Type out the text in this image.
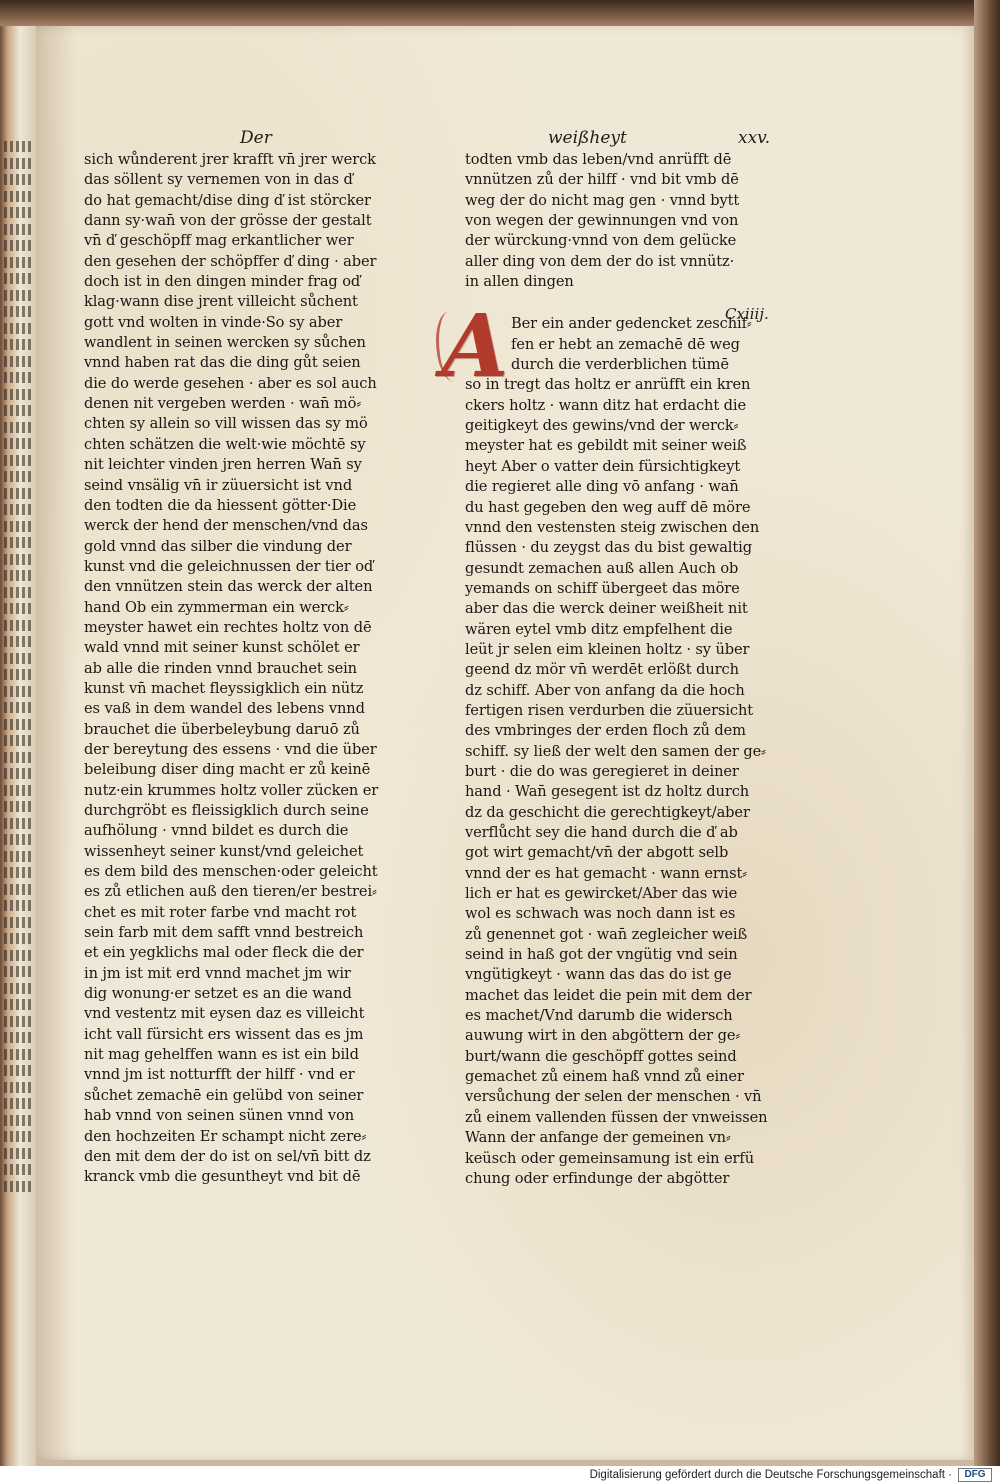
Der	weißheyt	xxv.
sich wůnderent jrer krafft vn̄ jrer werck
das söllent sy vernemen von in das ď
do hat gemacht/dise ding ď ist störcker
dann sy·wan̄ von der grösse der gestalt
vn̄ ď geschöpff mag erkantlicher wer
den gesehen der schöpffer ď ding · aber
doch ist in den dingen minder frag oď
klag·wann dise jrent villeicht sůchent
gott vnd wolten in vinde·So sy aber
wandlent in seinen wercken sy sůchen
vnnd haben rat das die ding gůt seien
die do werde gesehen · aber es sol auch
denen nit vergeben werden · wan̄ mö⸗
chten sy allein so vill wissen das sy mö
chten schätzen die welt·wie möchtē sy
nit leichter vinden jren herren Wan̄ sy
seind vnsälig vn̄ ir züuersicht ist vnd
den todten die da hiessent götter·Die
werck der hend der menschen/vnd das
gold vnnd das silber die vindung der
kunst vnd die geleichnussen der tier oď
den vnnützen stein das werck der alten
hand Ob ein zymmerman ein werck⸗
meyster hawet ein rechtes holtz von dē
wald vnnd mit seiner kunst schölet er
ab alle die rinden vnnd brauchet sein
kunst vn̄ machet fleyssigklich ein nütz
es vaß in dem wandel des lebens vnnd
brauchet die überbeleybung daruō zů
der bereytung des essens · vnd die über
beleibung diser ding macht er zů keinē
nutz·ein krummes holtz voller zücken er
durchgröbt es fleissigklich durch seine
aufhölung · vnnd bildet es durch die
wissenheyt seiner kunst/vnd geleichet
es dem bild des menschen·oder geleicht
es zů etlichen auß den tieren/er bestrei⸗
chet es mit roter farbe vnd macht rot
sein farb mit dem safft vnnd bestreich
et ein yegklichs mal oder fleck die der
in jm ist mit erd vnnd machet jm wir
dig wonung·er setzet es an die wand
vnd vestentz mit eysen daz es villeicht
icht vall fürsicht ers wissent das es jm
nit mag gehelffen wann es ist ein bild
vnnd jm ist notturfft der hilff · vnd er
sůchet zemachē ein gelübd von seiner
hab vnnd von seinen sünen vnnd von
den hochzeiten Er schampt nicht zere⸗
den mit dem der do ist on sel/vn̄ bitt dz
kranck vmb die gesuntheyt vnd bit dē
todten vmb das leben/vnd anrüfft dē
vnnützen zů der hilff · vnd bit vmb dē
weg der do nicht mag gen · vnnd bytt
von wegen der gewinnungen vnd von
der würckung·vnnd von dem gelücke
aller ding von dem der do ist vnnütz·
in allen dingen
Ber ein ander gedencket zeschif⸗
fen er hebt an zemachē dē weg
durch die verderblichen tümē
so in tregt das holtz er anrüfft ein kren
ckers holtz · wann ditz hat erdacht die
geitigkeyt des gewins/vnd der werck⸗
meyster hat es gebildt mit seiner weiß
heyt Aber o vatter dein fürsichtigkeyt
die regieret alle ding vō anfang · wan̄
du hast gegeben den weg auff dē möre
vnnd den vestensten steig zwischen den
flüssen · du zeygst das du bist gewaltig
gesundt zemachen auß allen Auch ob
yemands on schiff übergeet das möre
aber das die werck deiner weißheit nit
wären eytel vmb ditz empfelhent die
leüt jr selen eim kleinen holtz · sy über
geend dz mör vn̄ werdēt erlößt durch
dz schiff. Aber von anfang da die hoch
fertigen risen verdurben die züuersicht
des vmbringes der erden floch zů dem
schiff. sy ließ der welt den samen der ge⸗
burt · die do was geregieret in deiner
hand · Wan̄ gesegent ist dz holtz durch
dz da geschicht die gerechtigkeyt/aber
verflůcht sey die hand durch die ď ab
got wirt gemacht/vn̄ der abgott selb
vnnd der es hat gemacht · wann ernst⸗
lich er hat es gewircket/Aber das wie
wol es schwach was noch dann ist es
zů genennet got · wan̄ zegleicher weiß
seind in haß got der vngütig vnd sein
vngütigkeyt · wann das das do ist ge
machet das leidet die pein mit dem der
es machet/Vnd darumb die widersch
auwung wirt in den abgöttern der ge⸗
burt/wann die geschöpff gottes seind
gemachet zů einem haß vnnd zů einer
versůchung der selen der menschen · vn̄
zů einem vallenden füssen der vnweissen
Wann der anfange der gemeinen vn⸗
keüsch oder gemeinsamung ist ein erfü
chung oder erfindunge der abgötter
Cxiiij.
A
Digitalisierung gefördert durch die Deutsche Forschungsgemeinschaft ·	DFG
